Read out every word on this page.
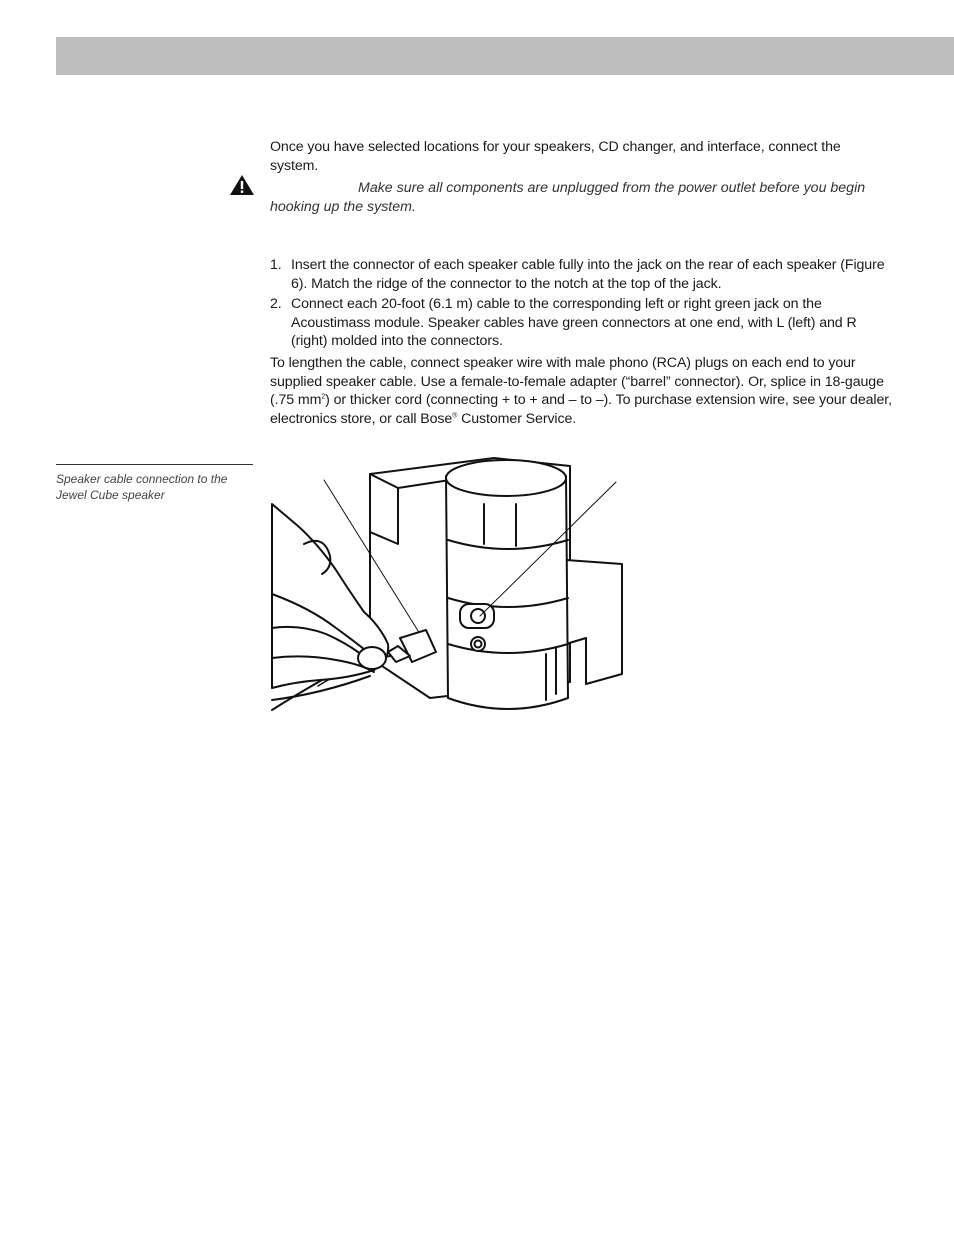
Once you have selected locations for your speakers, CD changer, and interface, connect the system.

Make sure all components are unplugged from the power outlet before you begin hooking up the system.
1. Insert the connector of each speaker cable fully into the jack on the rear of each speaker (Figure 6). Match the ridge of the connector to the notch at the top of the jack.
2. Connect each 20-foot (6.1 m) cable to the corresponding left or right green jack on the Acoustimass module. Speaker cables have green connectors at one end, with L (left) and R (right) molded into the connectors.

To lengthen the cable, connect speaker wire with male phono (RCA) plugs on each end to your supplied speaker cable. Use a female-to-female adapter (“barrel” connector). Or, splice in 18-gauge (.75 $mm^2$) or thicker cord (connecting + to + and – to –). To purchase extension wire, see your dealer, electronics store, or call Bose® Customer Service.

Speaker cable connection to the Jewel Cube speaker
